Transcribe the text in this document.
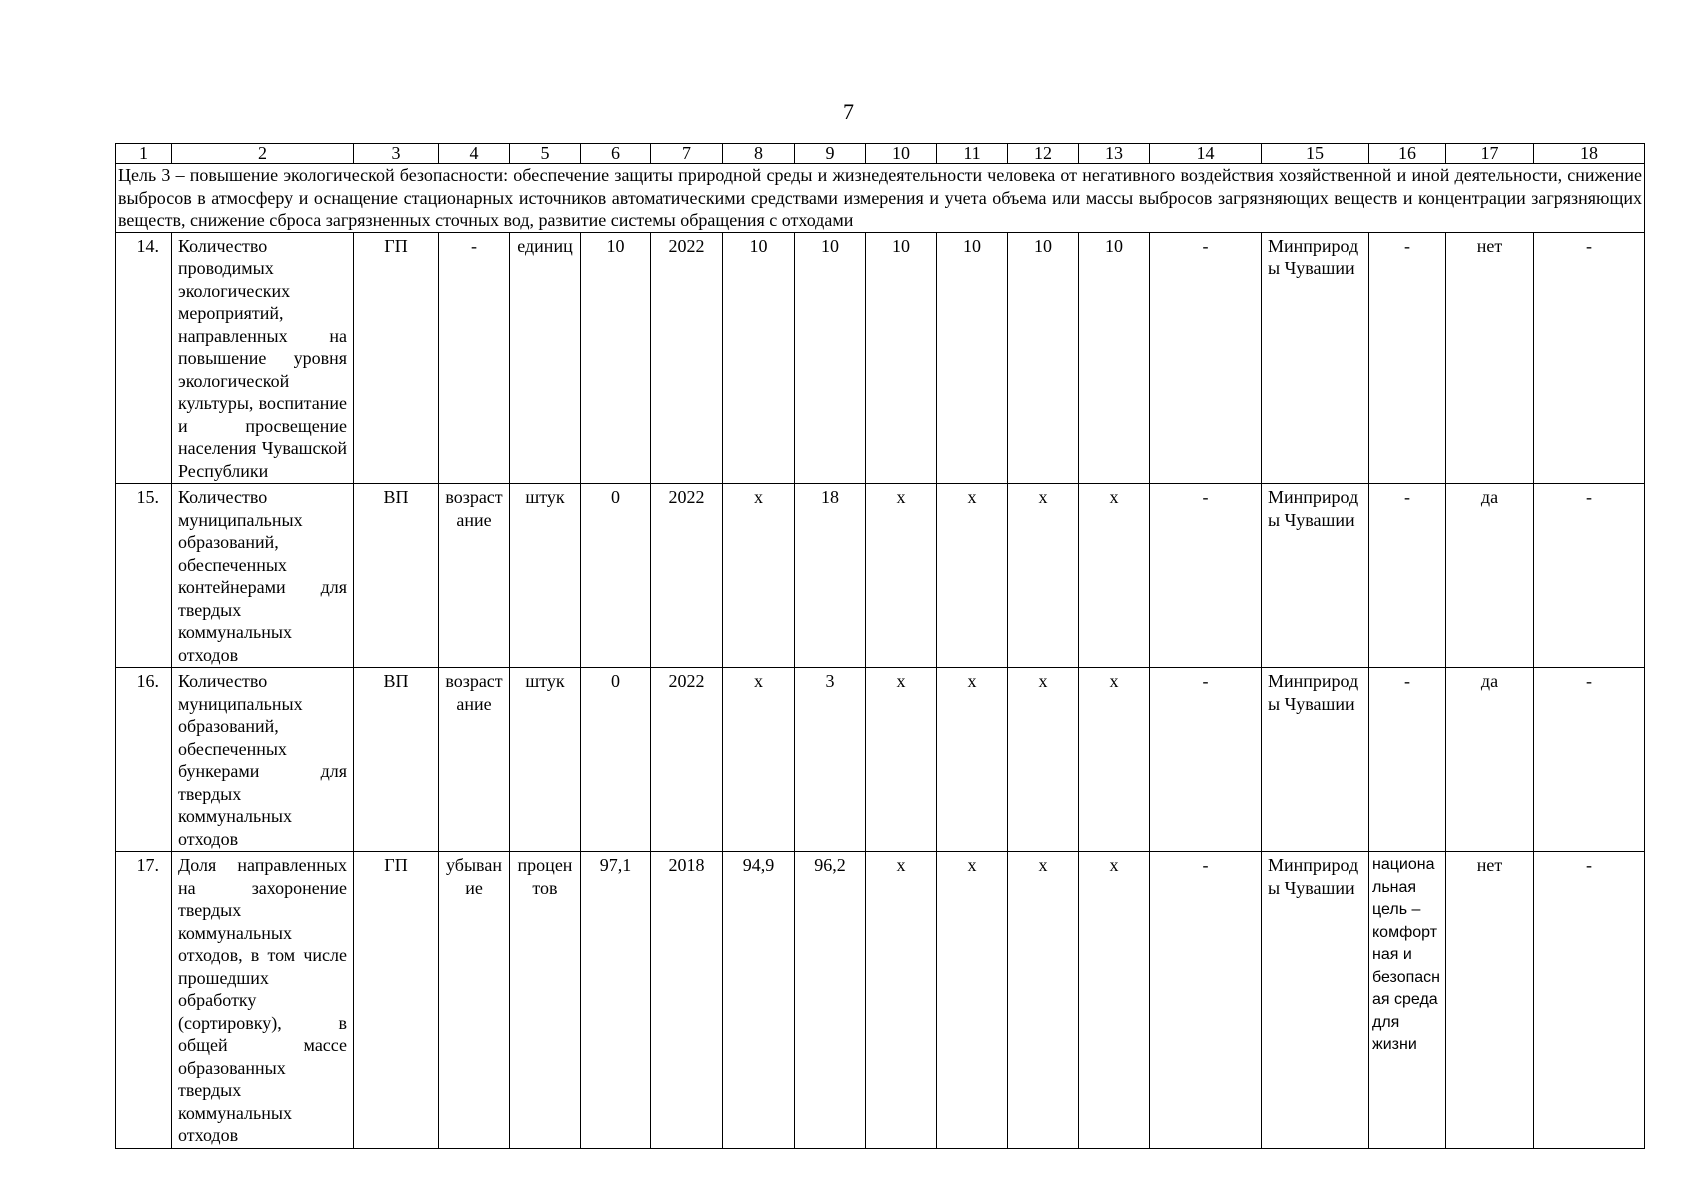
7
1	2	3	4	5	6	7	8	9	10	11	12	13	14	15	16	17	18
Цель 3 – повышение экологической безопасности: обеспечение защиты природной среды и жизнедеятельности человека от негативного воздействия хозяйственной и иной деятельности, снижение выбросов в атмосферу и оснащение стационарных источников автоматическими средствами измерения и учета объема или массы выбросов загрязняющих веществ и концентрации загрязняющих веществ, снижение сброса загрязненных сточных вод, развитие системы обращения с отходами																	
14.	Количество проводимых экологических мероприятий, направленных на повышение уровня экологической культуры, воспитание и просвещение населения Чувашской Республики	ГП	-	единиц	10	2022	10	10	10	10	10	10	-	Минприроды Чувашии	-	нет	-
15.	Количество муниципальных образований, обеспеченных контейнерами для твердых коммунальных отходов	ВП	возрастание	штук	0	2022	x	18	x	x	x	x	-	Минприроды Чувашии	-	да	-
16.	Количество муниципальных образований, обеспеченных бункерами для твердых коммунальных отходов	ВП	возрастание	штук	0	2022	x	3	x	x	x	x	-	Минприроды Чувашии	-	да	-
17.	Доля направленных на захоронение твердых коммунальных отходов, в том числе прошедших обработку (сортировку), в общей массе образованных твердых коммунальных отходов	ГП	убывание	процентов	97,1	2018	94,9	96,2	x	x	x	x	-	Минприроды Чувашии	национальная цель – комфортная и безопасная среда для жизни	нет	-
